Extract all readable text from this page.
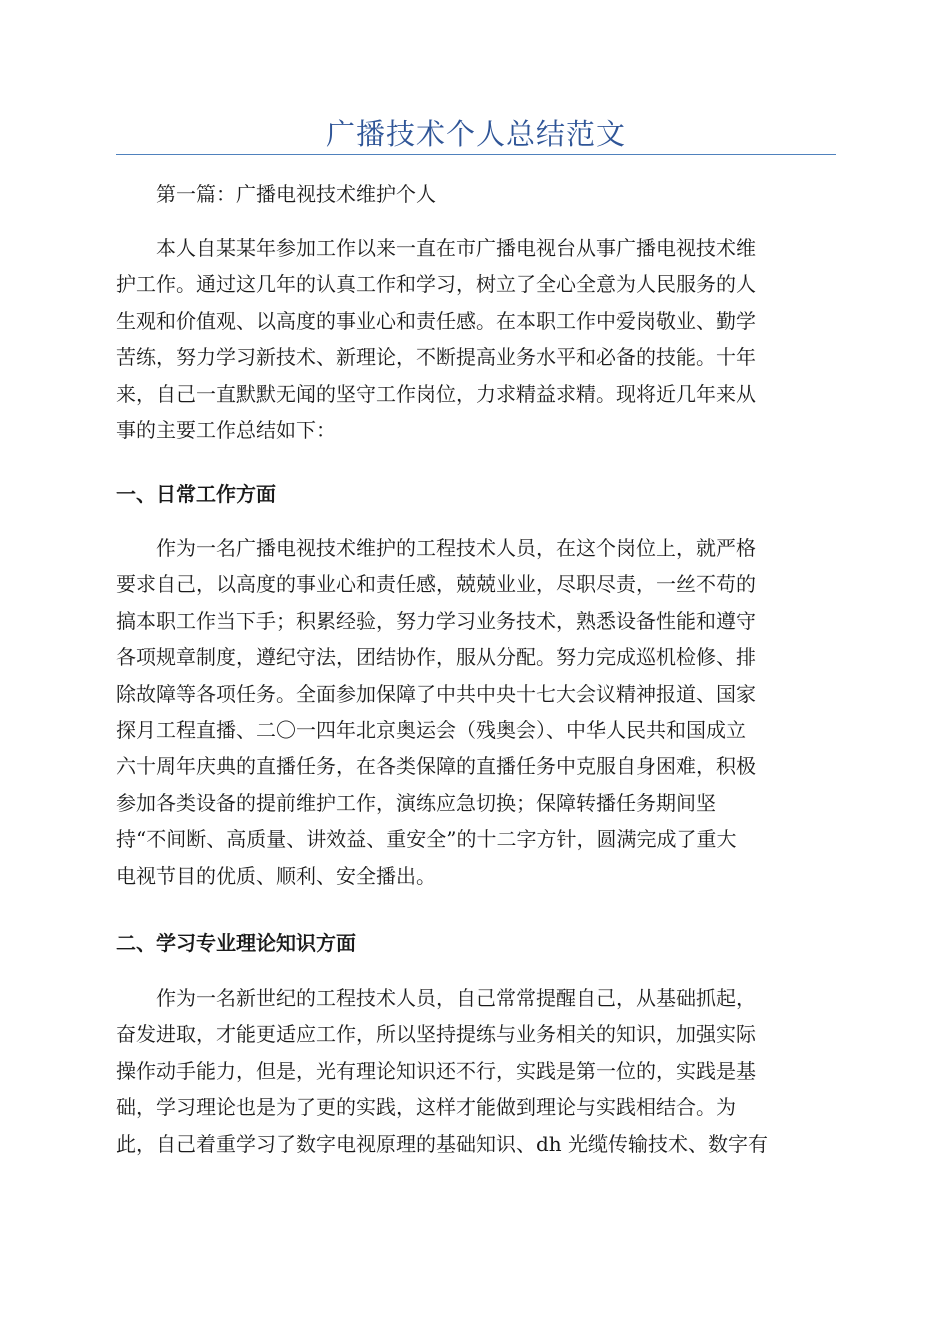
广播技术个人总结范文
第一篇：广播电视技术维护个人
本人自某某年参加工作以来一直在市广播电视台从事广播电视技术维
护工作。通过这几年的认真工作和学习，树立了全心全意为人民服务的人
生观和价值观、以高度的事业心和责任感。在本职工作中爱岗敬业、勤学
苦练，努力学习新技术、新理论，不断提高业务水平和必备的技能。十年
来，自己一直默默无闻的坚守工作岗位，力求精益求精。现将近几年来从
事的主要工作总结如下：
一、日常工作方面
作为一名广播电视技术维护的工程技术人员，在这个岗位上，就严格
要求自己，以高度的事业心和责任感，兢兢业业，尽职尽责，一丝不苟的
搞本职工作当下手；积累经验，努力学习业务技术，熟悉设备性能和遵守
各项规章制度，遵纪守法，团结协作，服从分配。努力完成巡机检修、排
除故障等各项任务。全面参加保障了中共中央十七大会议精神报道、国家
探月工程直播、二〇一四年北京奥运会（残奥会）、中华人民共和国成立
六十周年庆典的直播任务，在各类保障的直播任务中克服自身困难，积极
参加各类设备的提前维护工作，演练应急切换；保障转播任务期间坚
持“不间断、高质量、讲效益、重安全”的十二字方针，圆满完成了重大
电视节目的优质、顺利、安全播出。
二、学习专业理论知识方面
作为一名新世纪的工程技术人员，自己常常提醒自己，从基础抓起，
奋发进取，才能更适应工作，所以坚持提练与业务相关的知识，加强实际
操作动手能力，但是，光有理论知识还不行，实践是第一位的，实践是基
础，学习理论也是为了更的实践，这样才能做到理论与实践相结合。为
此，自己着重学习了数字电视原理的基础知识、dh 光缆传输技术、数字有
